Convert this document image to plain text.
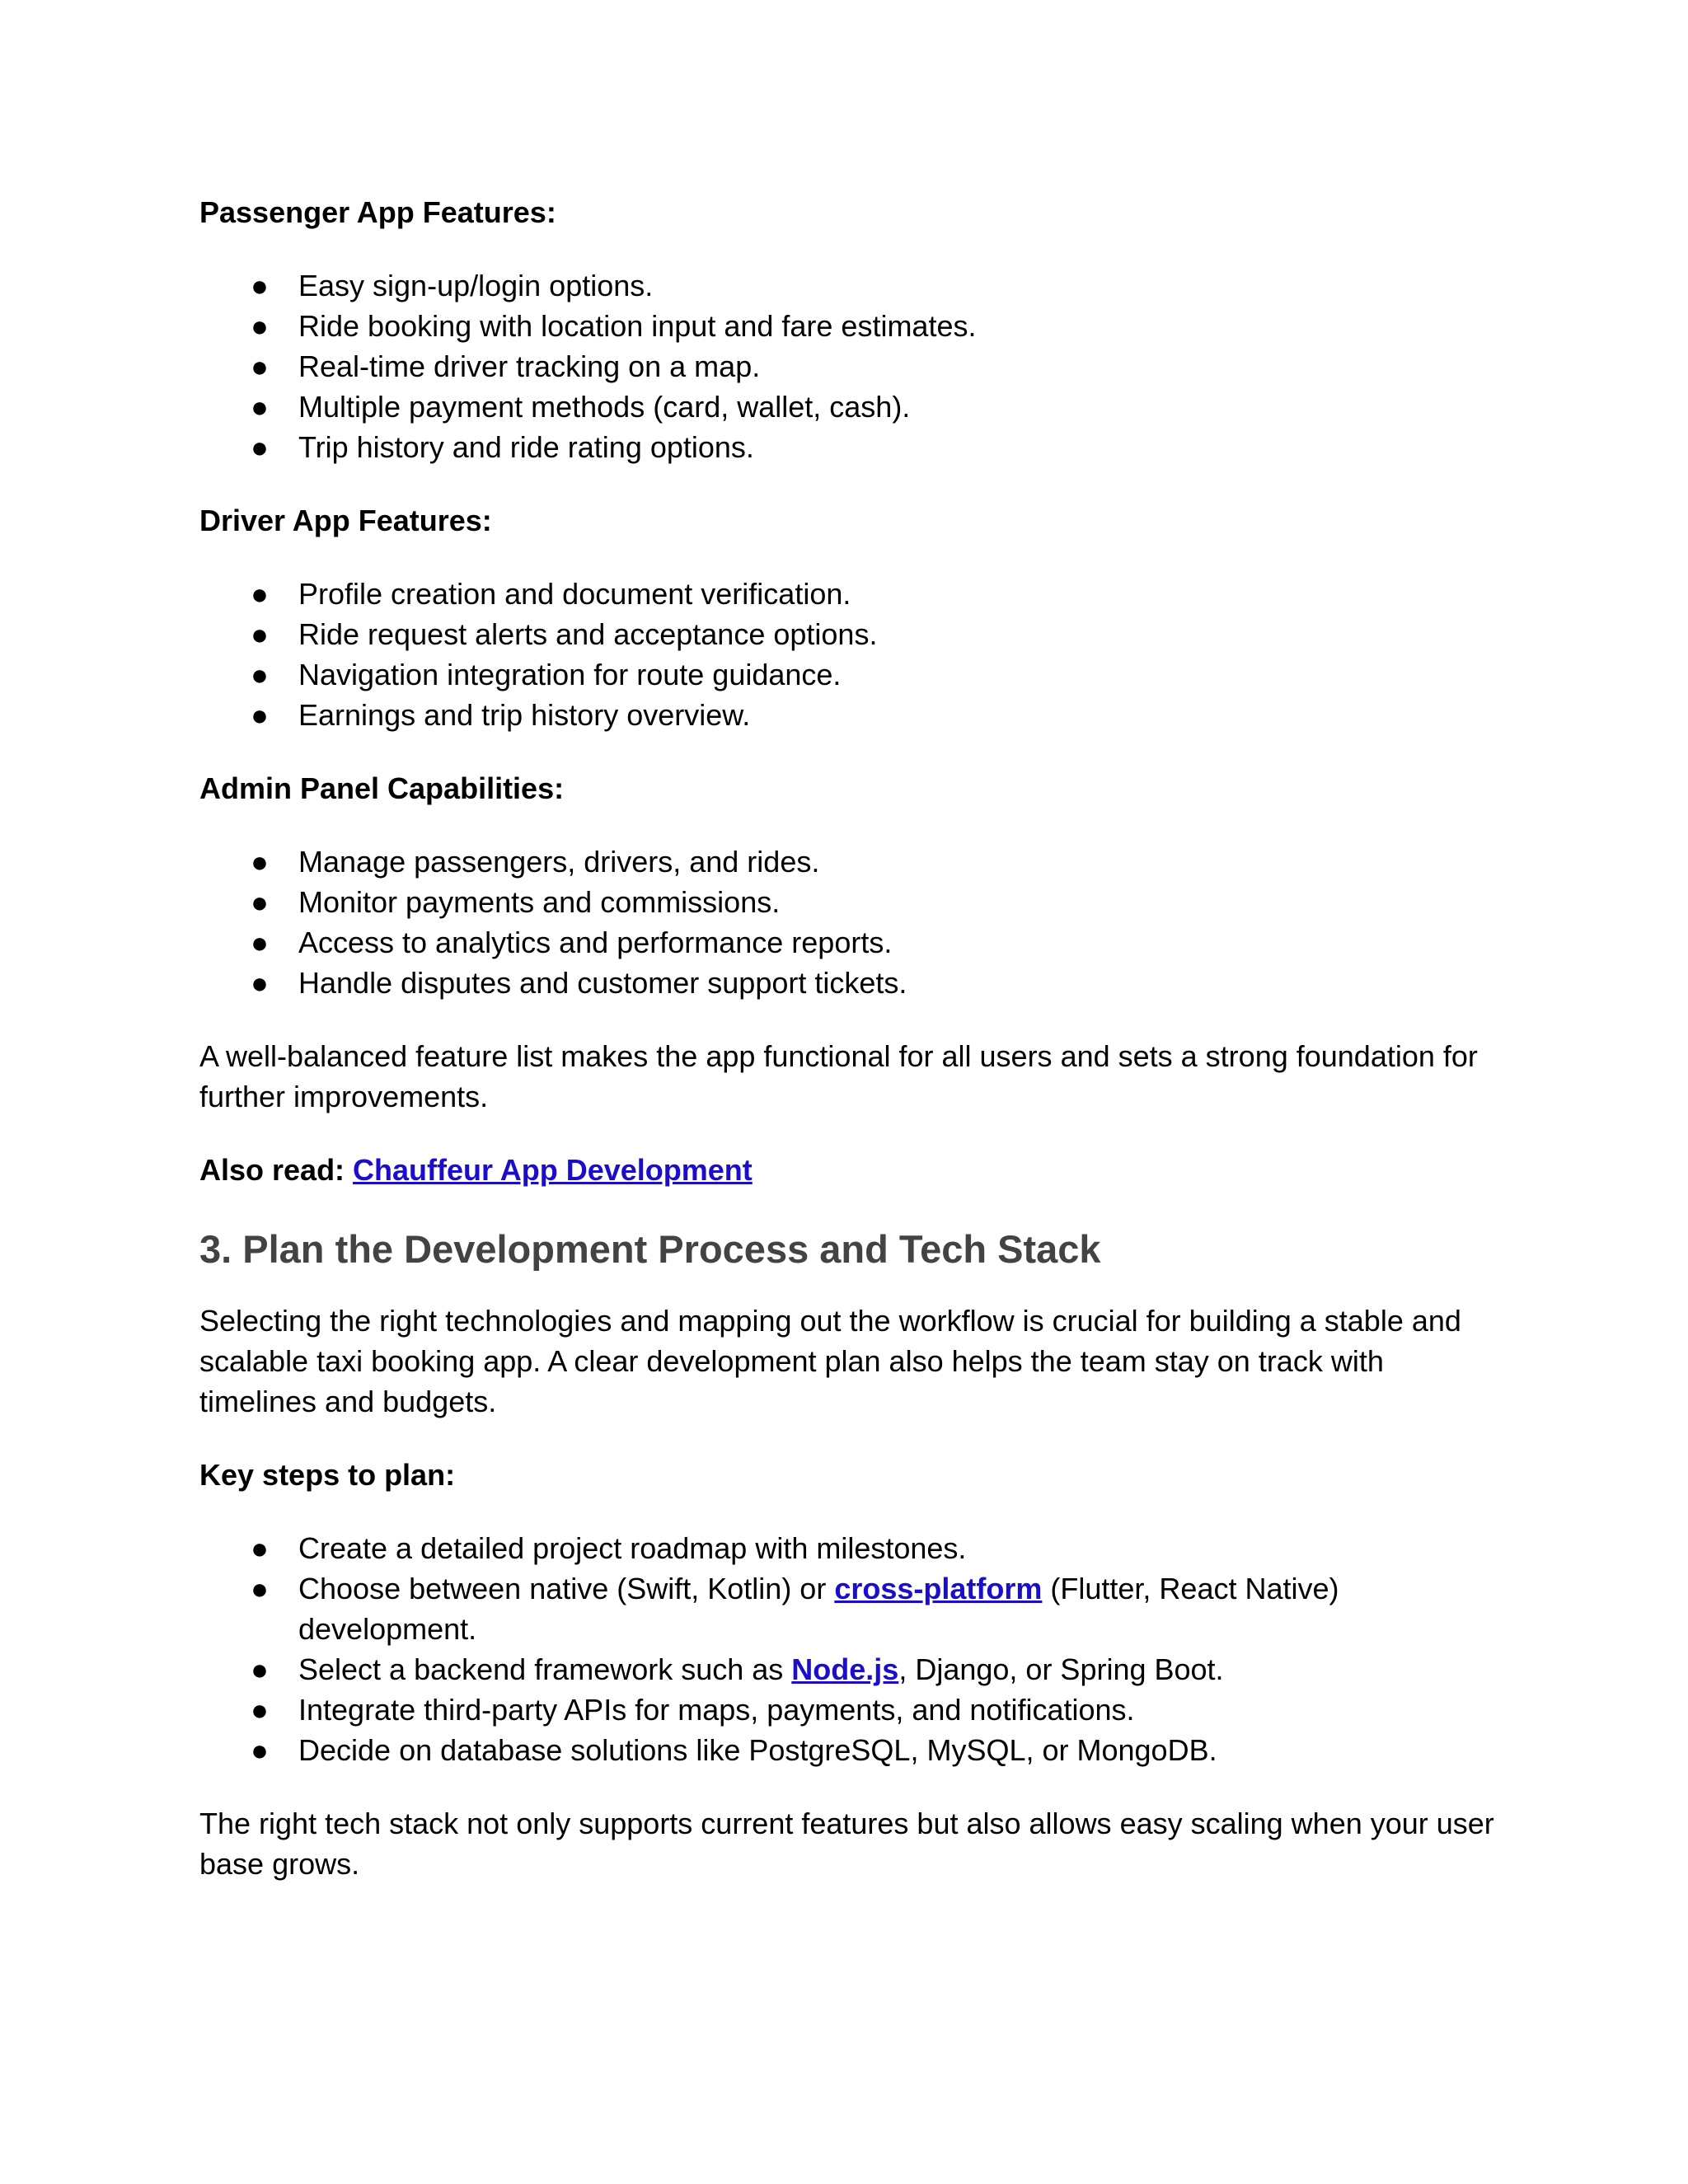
Passenger App Features:

● Easy sign-up/login options.
● Ride booking with location input and fare estimates.
● Real-time driver tracking on a map.
● Multiple payment methods (card, wallet, cash).
● Trip history and ride rating options.

Driver App Features:

● Profile creation and document verification.
● Ride request alerts and acceptance options.
● Navigation integration for route guidance.
● Earnings and trip history overview.

Admin Panel Capabilities:

● Manage passengers, drivers, and rides.
● Monitor payments and commissions.
● Access to analytics and performance reports.
● Handle disputes and customer support tickets.

A well-balanced feature list makes the app functional for all users and sets a strong foundation for further improvements.

Also read: Chauffeur App Development

3. Plan the Development Process and Tech Stack

Selecting the right technologies and mapping out the workflow is crucial for building a stable and scalable taxi booking app. A clear development plan also helps the team stay on track with timelines and budgets.

Key steps to plan:

● Create a detailed project roadmap with milestones.
● Choose between native (Swift, Kotlin) or cross-platform (Flutter, React Native) development.
● Select a backend framework such as Node.js, Django, or Spring Boot.
● Integrate third-party APIs for maps, payments, and notifications.
● Decide on database solutions like PostgreSQL, MySQL, or MongoDB.

The right tech stack not only supports current features but also allows easy scaling when your user base grows.
